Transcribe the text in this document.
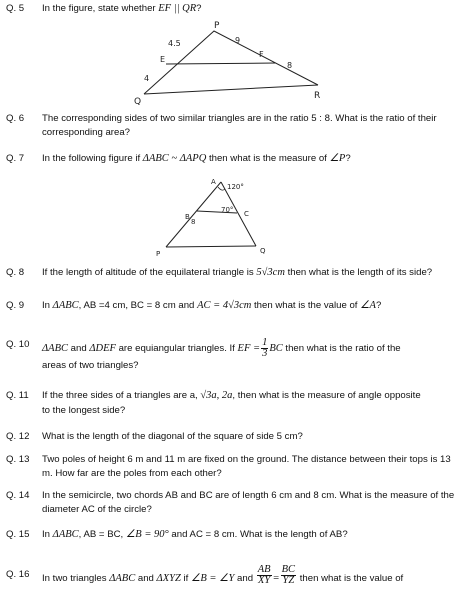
Q. 5	In the figure, state whether EF || QR?
P
4.5	9
E
F
8
4
Q
R
Q. 6	The corresponding sides of two similar triangles are in the ratio 5 : 8. What is the ratio of their corresponding area?
Q. 7	In the following figure if ΔABC ~ ΔAPQ then what is the measure of ∠P?
A
120°
70°
B
8
C
P	Q
Q. 8	If the length of altitude of the equilateral triangle is 5√3cm then what is the length of its side?
Q. 9	In ΔABC, AB =4 cm, BC = 8 cm and AC = 4√3cm then what is the value of ∠A?
Q. 10	ΔABC and ΔDEF are equiangular triangles. If EF = $\frac{1}{3}$ BC then what is the ratio of the
areas of two triangles?
Q. 11	If the three sides of a triangles are a, √3a, 2a, then what is the measure of angle opposite
to the longest side?
Q. 12	What is the length of the diagonal of the square of side 5 cm?
Q. 13	Two poles of height 6 m and 11 m are fixed on the ground. The distance between their tops is 13 m. How far are the poles from each other?
Q. 14	In the semicircle, two chords AB and BC are of length 6 cm and 8 cm. What is the measure of the diameter AC of the circle?
Q. 15	In ΔABC, AB = BC, ∠B = 90° and AC = 8 cm. What is the length of AB?
Q. 16	In two triangles ΔABC and ΔXYZ if ∠B = ∠Y and $\frac{AB}{XY} = \frac{BC}{YZ}$ then what is the value of
